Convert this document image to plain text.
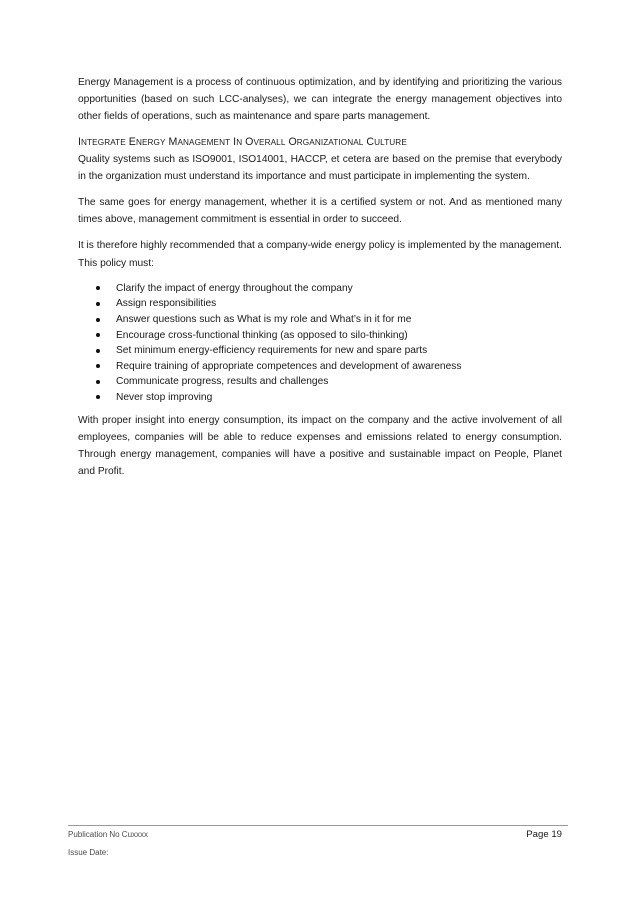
Energy Management is a process of continuous optimization, and by identifying and prioritizing the various opportunities (based on such LCC-analyses), we can integrate the energy management objectives into other fields of operations, such as maintenance and spare parts management.

INTEGRATE ENERGY MANAGEMENT IN OVERALL ORGANIZATIONAL CULTURE

Quality systems such as ISO9001, ISO14001, HACCP, et cetera are based on the premise that everybody in the organization must understand its importance and must participate in implementing the system.

The same goes for energy management, whether it is a certified system or not. And as mentioned many times above, management commitment is essential in order to succeed.

It is therefore highly recommended that a company-wide energy policy is implemented by the management. This policy must:

Clarify the impact of energy throughout the company
Assign responsibilities
Answer questions such as What is my role and What’s in it for me
Encourage cross-functional thinking (as opposed to silo-thinking)
Set minimum energy-efficiency requirements for new and spare parts
Require training of appropriate competences and development of awareness
Communicate progress, results and challenges
Never stop improving

With proper insight into energy consumption, its impact on the company and the active involvement of all employees, companies will be able to reduce expenses and emissions related to energy consumption. Through energy management, companies will have a positive and sustainable impact on People, Planet and Profit.

Publication No Cuxxxx	Page 19
Issue Date:
